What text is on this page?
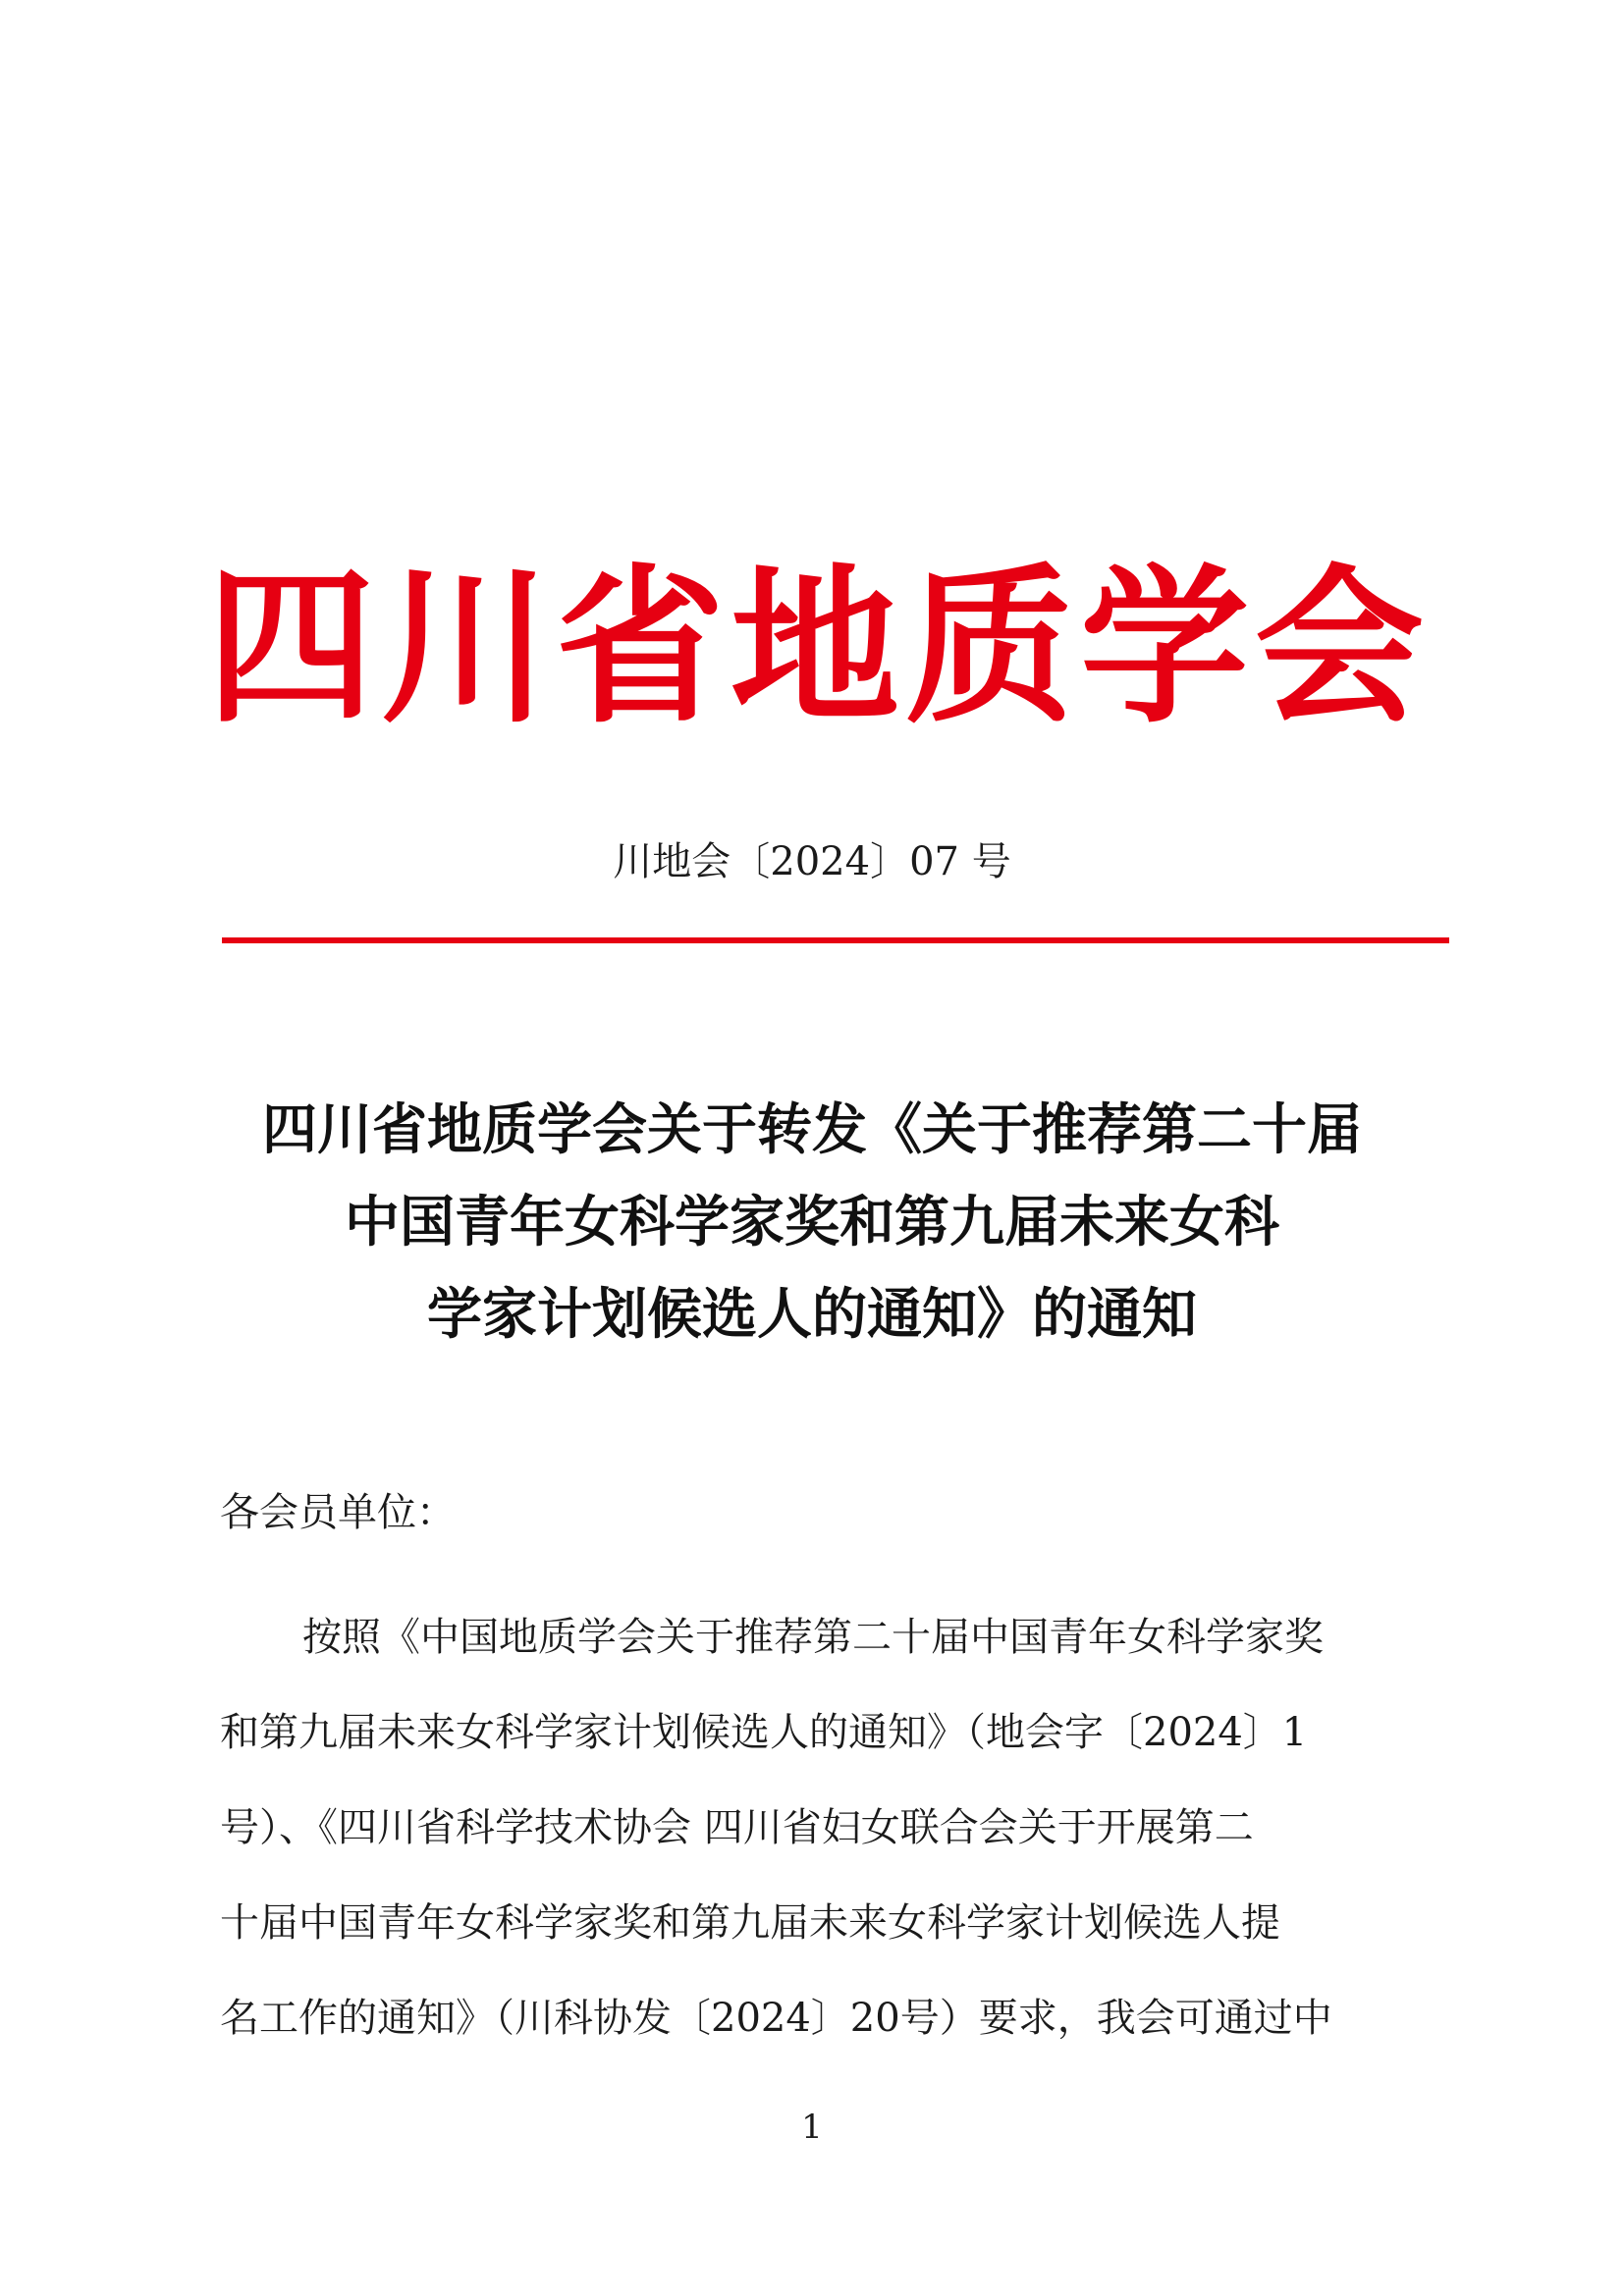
四 川 省 地 质 学 会
川地会〔2024〕07 号
四川省地质学会关于转发《关于推荐第二十届
中国青年女科学家奖和第九届未来女科
学家计划候选人的通知》的通知
各会员单位：
按照《中国地质学会关于推荐第二十届中国青年女科学家奖
和第九届未来女科学家计划候选人的通知》（地会字〔2024〕1
号）、《四川省科学技术协会 四川省妇女联合会关于开展第二
十届中国青年女科学家奖和第九届未来女科学家计划候选人提
名工作的通知》（川科协发〔2024〕20号）要求，我会可通过中
1
